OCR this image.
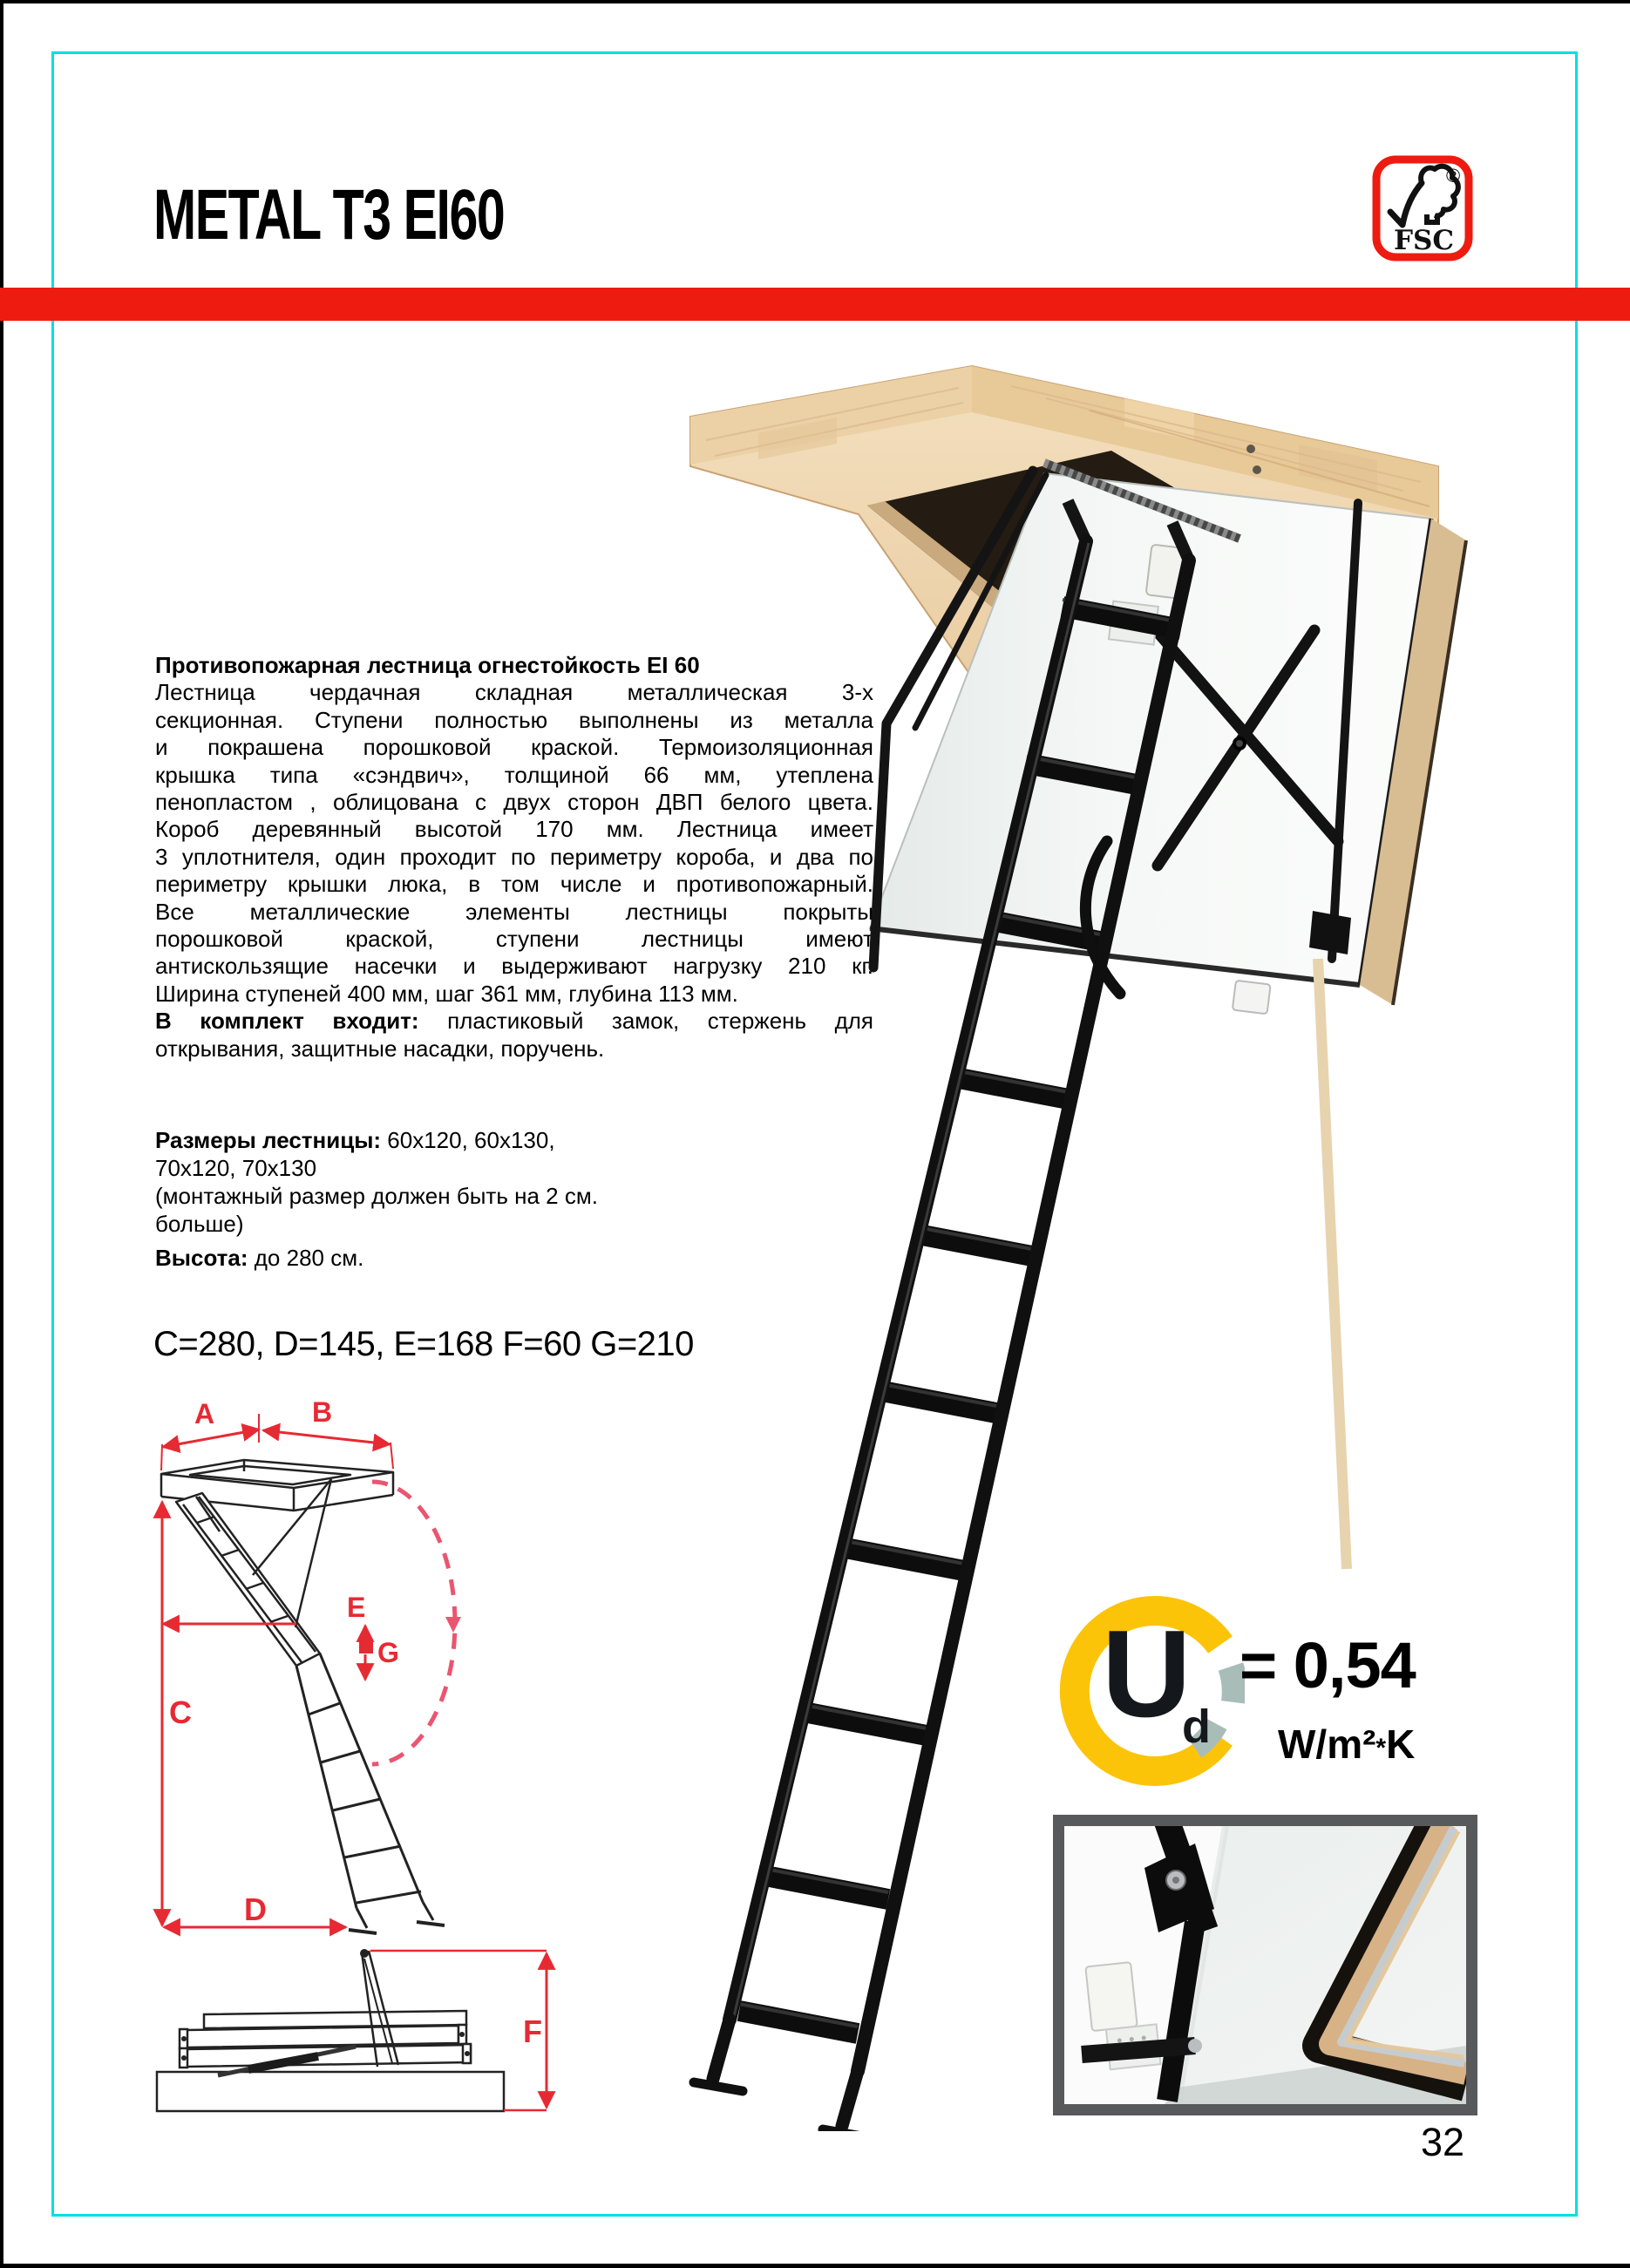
METAL T3 EI60	FSC
®
Противопожарная лестница огнестойкость EI 60
Лестница чердачная складная металлическая 3-х
секционная. Ступени полностью выполнены из металла
и покрашена порошковой краской. Термоизоляционная
крышка типа «сэндвич», толщиной 66 мм, утеплена
пенопластом , облицована с двух сторон ДВП белого цвета.
Короб деревянный высотой 170 мм. Лестница имеет
3 уплотнителя, один проходит по периметру короба, и два по
периметру крышки люка, в том числе и противопожарный.
Все металлические элементы лестницы покрыты
порошковой краской, ступени лестницы имеют
антискользящие насечки и выдерживают нагрузку 210 кг.
Ширина ступеней 400 мм, шаг 361 мм, глубина 113 мм.
В комплект входит: пластиковый замок, стержень для
открывания, защитные насадки, поручень.
Размеры лестницы: 60x120, 60x130,
70x120, 70x130
(монтажный размер должен быть на 2 см.
больше)
Высота: до 280 см.
C=280, D=145, E=168 F=60 G=210
A	B
C
E
G
D
F
U
d
= 0,54
W/m²*K
32
